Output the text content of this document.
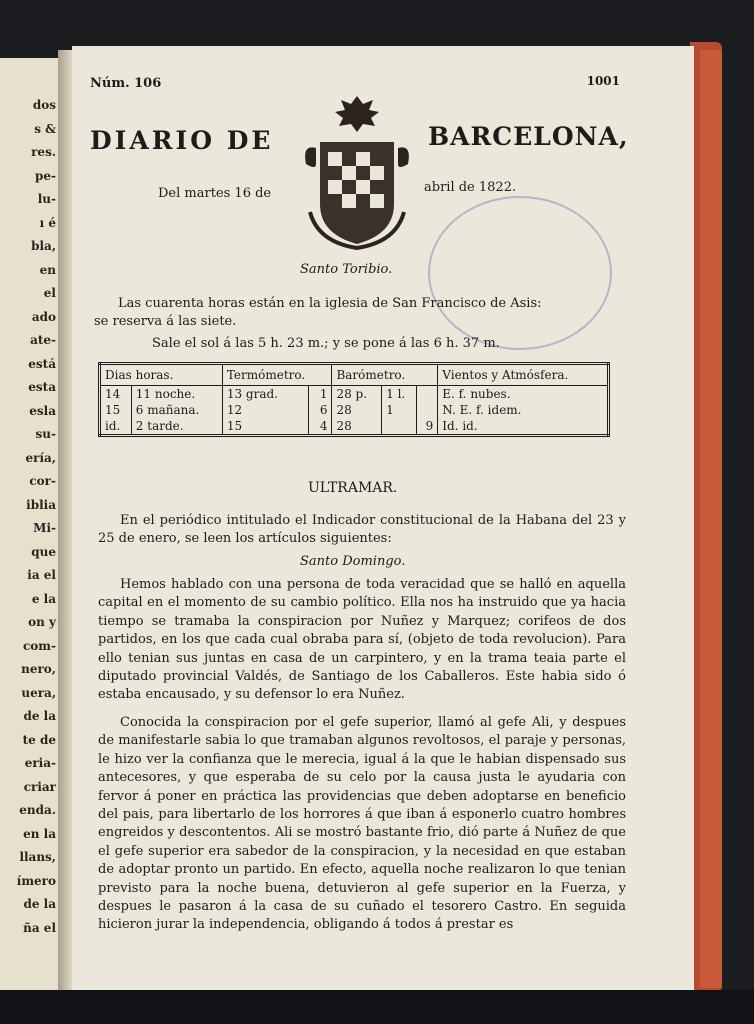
dos
s &
res.
pe-
lu-
ı é
bla,
en
el
ado
ate-
está
esta
esla
su-
ería,
cor-
iblia
Mi-
que
ia el
e la
on y
com-
nero,
uera,
de la
te de
eria-
criar
enda.
en la
llans,
ímero
de la
ña el
Núm. 106	1001
DIARIO DE	BARCELONA,
Del martes 16 de	abril de 1822.
Santo Toribio.
Las cuarenta horas están en la iglesia de San Francisco de Asis:
se reserva á las siete.
Sale el sol á las 5 h. 23 m.; y se pone á las 6 h. 37 m.
Dias horas.		Termómetro.		Barómetro.			Vientos y Atmósfera.
14	11 noche.	13 grad.	1	28 p.	1 l.		E. f. nubes.
15	6 mañana.	12	6	28	1		N. E. f. idem.
id.	2 tarde.	15	4	28		9	Id. id.
ULTRAMAR.
En el periódico intitulado el Indicador constitucional de la Habana del 23 y 25 de enero, se leen los artículos siguientes:
Santo Domingo.
Hemos hablado con una persona de toda veracidad que se halló en aquella capital en el momento de su cambio político. Ella nos ha instruido que ya hacia tiempo se tramaba la conspiracion por Nuñez y Marquez; corifeos de dos partidos, en los que cada cual obraba para sí, (objeto de toda revolucion). Para ello tenian sus juntas en casa de un carpintero, y en la trama teaia parte el diputado provincial Valdés, de Santiago de los Caballeros. Este habia sido ó estaba encausado, y su defensor lo era Nuñez.
Conocida la conspiracion por el gefe superior, llamó al gefe Ali, y despues de manifestarle sabia lo que tramaban algunos revoltosos, el paraje y personas, le hizo ver la confianza que le merecia, igual á la que le habian dispensado sus antecesores, y que esperaba de su celo por la causa justa le ayudaria con fervor á poner en práctica las providencias que deben adoptarse en beneficio del pais, para libertarlo de los horrores á que iban á esponerlo cuatro hombres engreidos y descontentos. Ali se mostró bastante frio, dió parte á Nuñez de que el gefe superior era sabedor de la conspiracion, y la necesidad en que estaban de adoptar pronto un partido. En efecto, aquella noche realizaron lo que tenian previsto para la noche buena, detuvieron al gefe superior en la Fuerza, y despues le pasaron á la casa de su cuñado el tesorero Castro. En seguida hicieron jurar la independencia, obligando á todos á prestar es
